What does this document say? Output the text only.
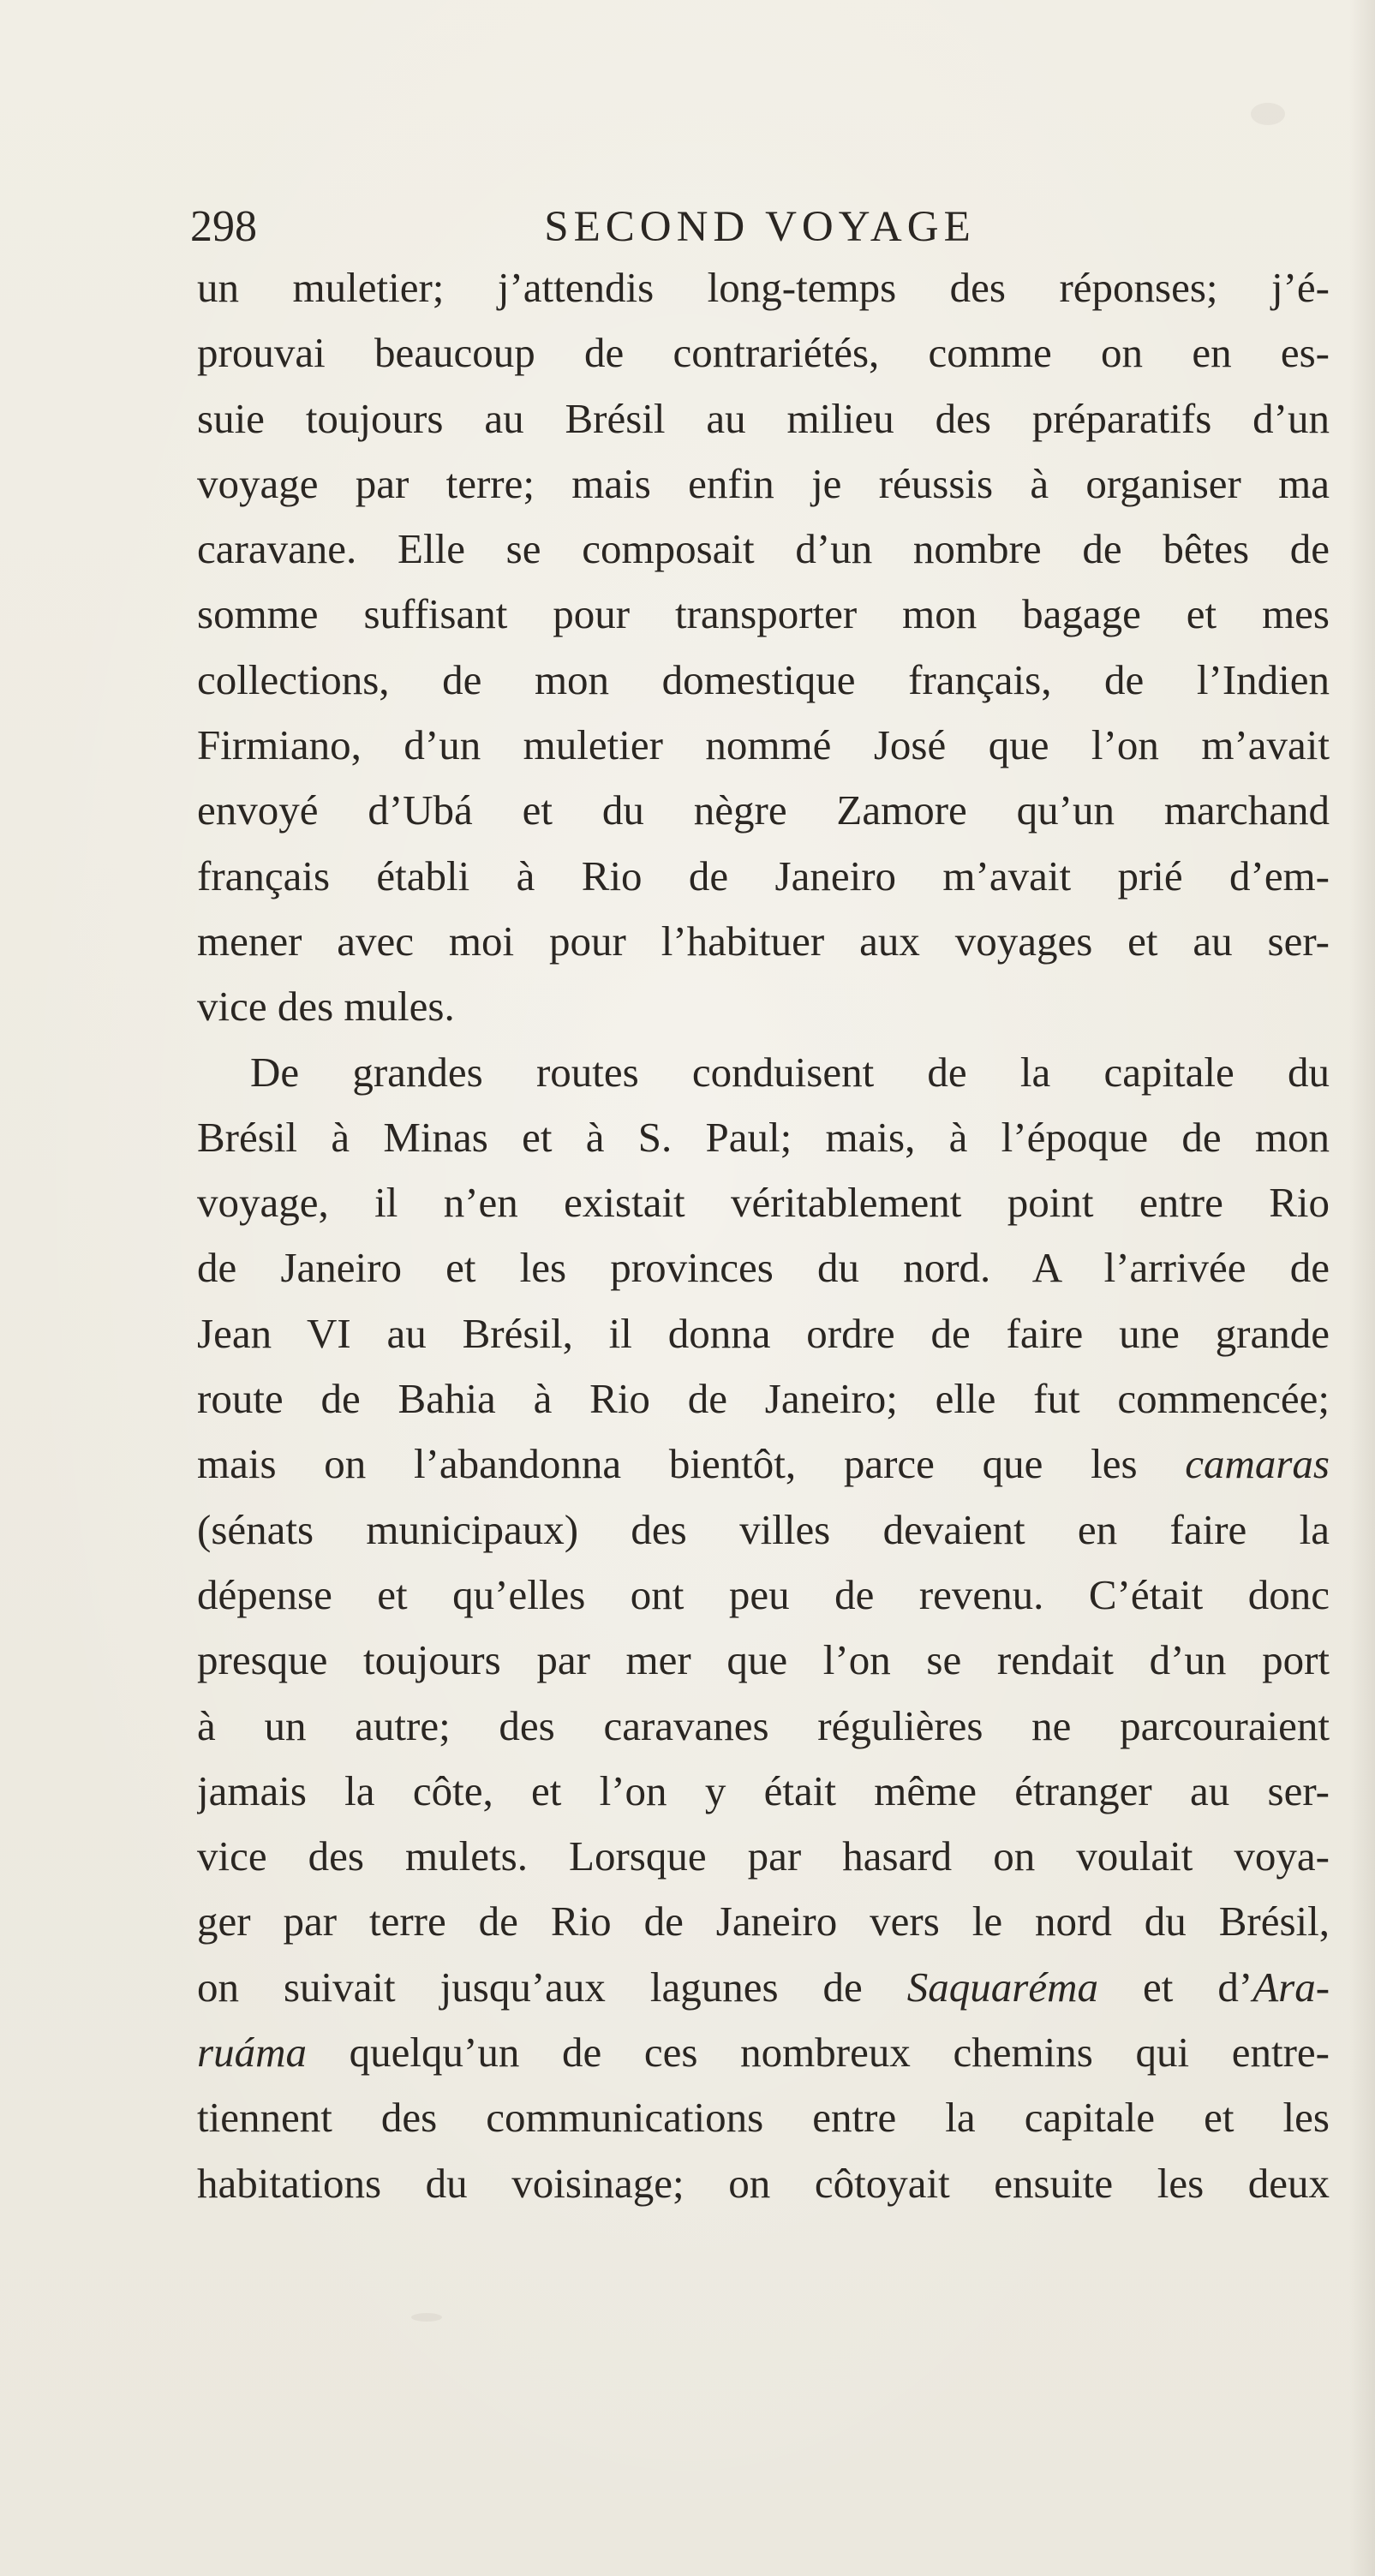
298	SECOND VOYAGE
un muletier; j’attendis long-temps des réponses; j’é-
prouvai beaucoup de contrariétés, comme on en es-
suie toujours au Brésil au milieu des préparatifs d’un
voyage par terre; mais enfin je réussis à organiser ma
caravane. Elle se composait d’un nombre de bêtes de
somme suffisant pour transporter mon bagage et mes
collections, de mon domestique français, de l’Indien
Firmiano, d’un muletier nommé José que l’on m’avait
envoyé d’Ubá et du nègre Zamore qu’un marchand
français établi à Rio de Janeiro m’avait prié d’em-
mener avec moi pour l’habituer aux voyages et au ser-
vice des mules.
De grandes routes conduisent de la capitale du
Brésil à Minas et à S. Paul; mais, à l’époque de mon
voyage, il n’en existait véritablement point entre Rio
de Janeiro et les provinces du nord. A l’arrivée de
Jean VI au Brésil, il donna ordre de faire une grande
route de Bahia à Rio de Janeiro; elle fut commencée;
mais on l’abandonna bientôt, parce que les camaras
(sénats municipaux) des villes devaient en faire la
dépense et qu’elles ont peu de revenu. C’était donc
presque toujours par mer que l’on se rendait d’un port
à un autre; des caravanes régulières ne parcouraient
jamais la côte, et l’on y était même étranger au ser-
vice des mulets. Lorsque par hasard on voulait voya-
ger par terre de Rio de Janeiro vers le nord du Brésil,
on suivait jusqu’aux lagunes de Saquaréma et d’Ara-
ruáma quelqu’un de ces nombreux chemins qui entre-
tiennent des communications entre la capitale et les
habitations du voisinage; on côtoyait ensuite les deux
